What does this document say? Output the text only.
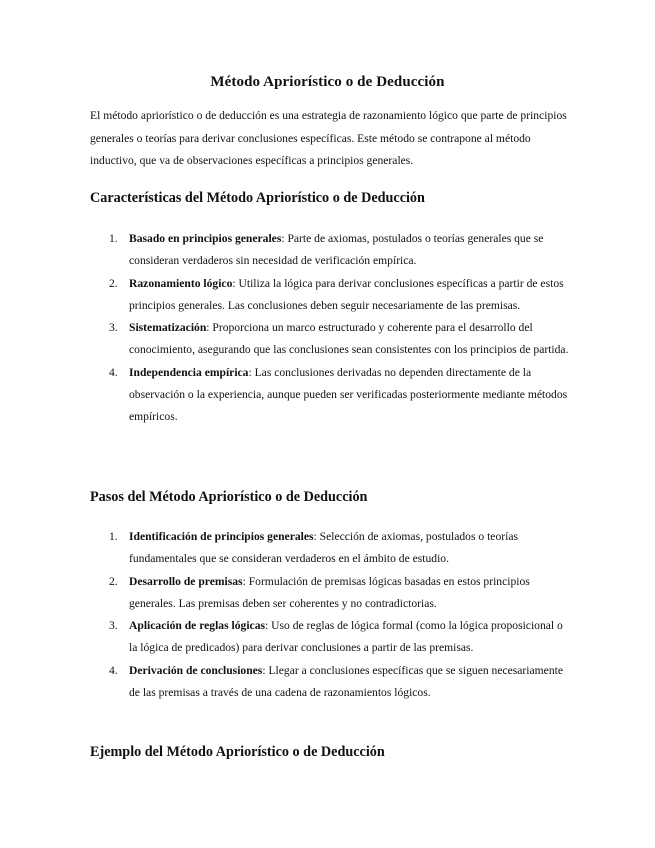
Método Apriorístico o de Deducción

El método apriorístico o de deducción es una estrategia de razonamiento lógico que parte de principios generales o teorías para derivar conclusiones específicas. Este método se contrapone al método inductivo, que va de observaciones específicas a principios generales.

Características del Método Apriorístico o de Deducción
1. Basado en principios generales: Parte de axiomas, postulados o teorías generales que se consideran verdaderos sin necesidad de verificación empírica.
2. Razonamiento lógico: Utiliza la lógica para derivar conclusiones específicas a partir de estos principios generales. Las conclusiones deben seguir necesariamente de las premisas.
3. Sistematización: Proporciona un marco estructurado y coherente para el desarrollo del conocimiento, asegurando que las conclusiones sean consistentes con los principios de partida.
4. Independencia empírica: Las conclusiones derivadas no dependen directamente de la observación o la experiencia, aunque pueden ser verificadas posteriormente mediante métodos empíricos.
Pasos del Método Apriorístico o de Deducción
1. Identificación de principios generales: Selección de axiomas, postulados o teorías fundamentales que se consideran verdaderos en el ámbito de estudio.
2. Desarrollo de premisas: Formulación de premisas lógicas basadas en estos principios generales. Las premisas deben ser coherentes y no contradictorias.
3. Aplicación de reglas lógicas: Uso de reglas de lógica formal (como la lógica proposicional o la lógica de predicados) para derivar conclusiones a partir de las premisas.
4. Derivación de conclusiones: Llegar a conclusiones específicas que se siguen necesariamente de las premisas a través de una cadena de razonamientos lógicos.
Ejemplo del Método Apriorístico o de Deducción
